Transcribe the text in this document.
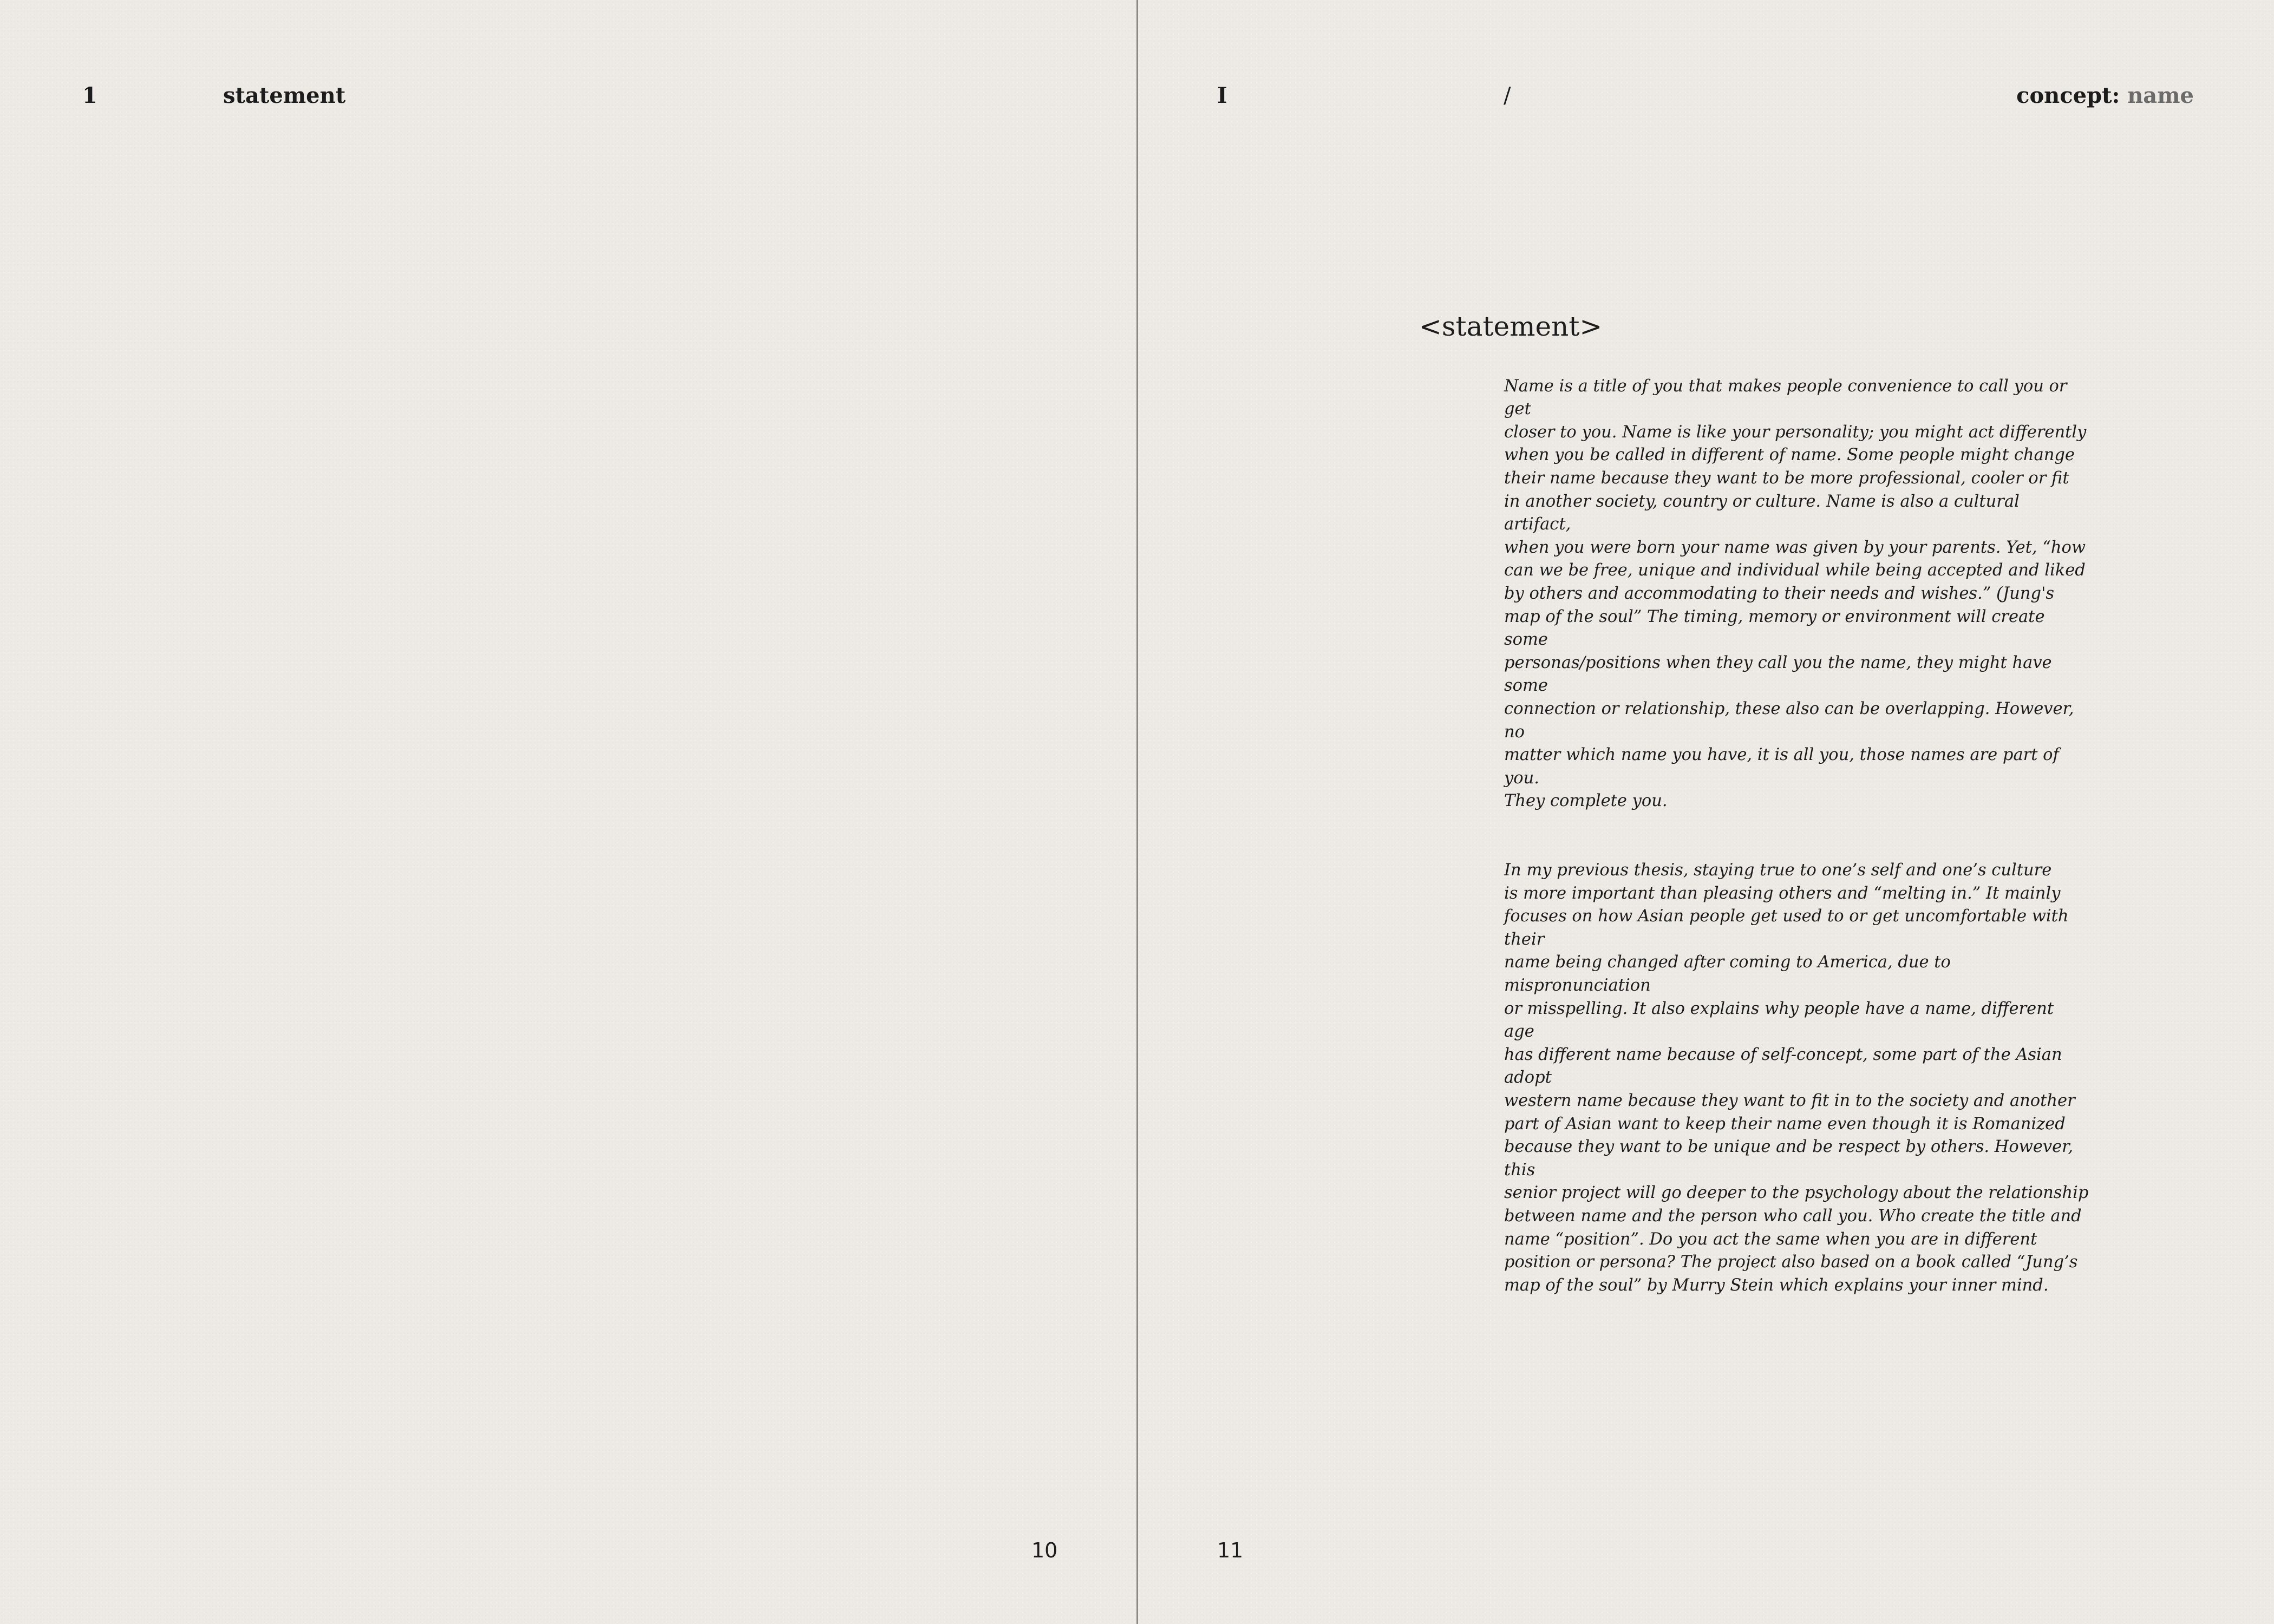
1	statement
10
I	/	concept: name
<statement>

Name is a title of you that makes people convenience to call you or get
closer to you. Name is like your personality; you might act differently
when you be called in different of name. Some people might change
their name because they want to be more professional, cooler or fit
in another society, country or culture. Name is also a cultural artifact,
when you were born your name was given by your parents. Yet, “how
can we be free, unique and individual while being accepted and liked
by others and accommodating to their needs and wishes.” (Jung's
map of the soul” The timing, memory or environment will create some
personas/positions when they call you the name, they might have some
connection or relationship, these also can be overlapping. However, no
matter which name you have, it is all you, those names are part of you.
They complete you.

In my previous thesis, staying true to one’s self and one’s culture
is more important than pleasing others and “melting in.” It mainly
focuses on how Asian people get used to or get uncomfortable with their
name being changed after coming to America, due to mispronunciation
or misspelling. It also explains why people have a name, different age
has different name because of self-concept, some part of the Asian adopt
western name because they want to fit in to the society and another
part of Asian want to keep their name even though it is Romanized
because they want to be unique and be respect by others. However, this
senior project will go deeper to the psychology about the relationship
between name and the person who call you. Who create the title and
name “position”. Do you act the same when you are in different
position or persona? The project also based on a book called “Jung’s
map of the soul” by Murry Stein which explains your inner mind.

11
